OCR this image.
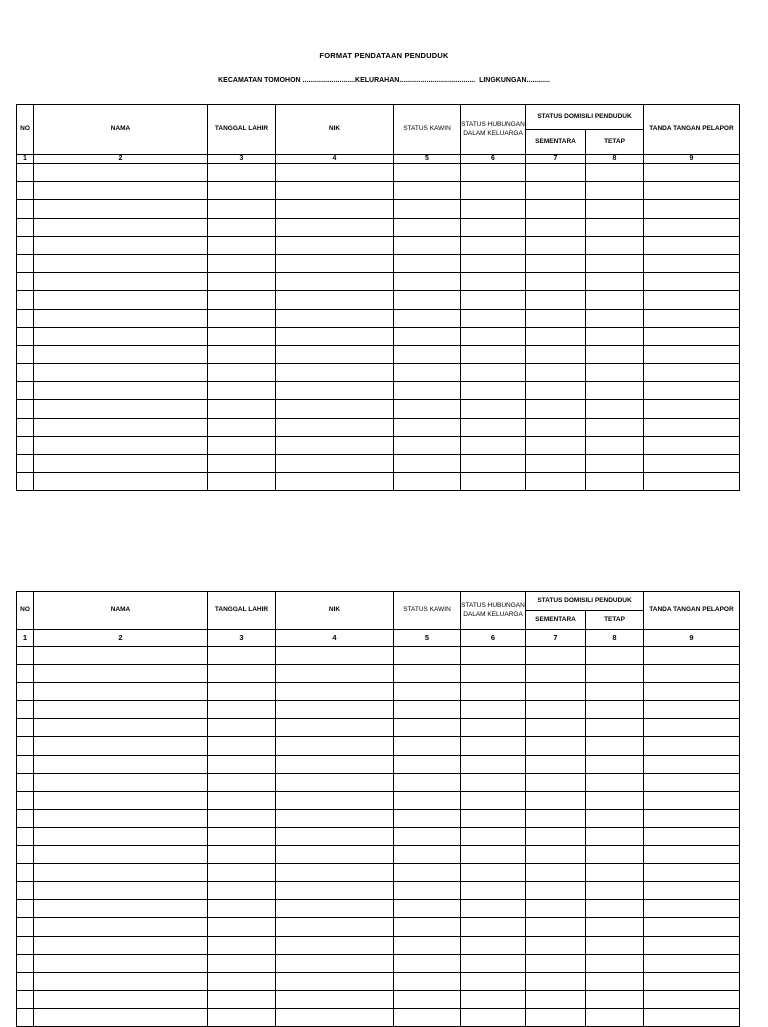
FORMAT PENDATAAN PENDUDUK
KECAMATAN TOMOHON ...........................KELURAHAN.......................................  LINGKUNGAN............
NO	NAMA	TANGGAL LAHIR	NIK	STATUS KAWIN	STATUS HUBUNGAN DALAM KELUARGA	STATUS DOMISILI PENDUDUK		TANDA TANGAN PELAPOR
						SEMENTARA	TETAP	
1	2	3	4	5	6	7	8	9

NO	NAMA	TANGGAL LAHIR	NIK	STATUS KAWIN	STATUS HUBUNGAN DALAM KELUARGA	STATUS DOMISILI PENDUDUK		TANDA TANGAN PELAPOR
						SEMENTARA	TETAP	
1	2	3	4	5	6	7	8	9
